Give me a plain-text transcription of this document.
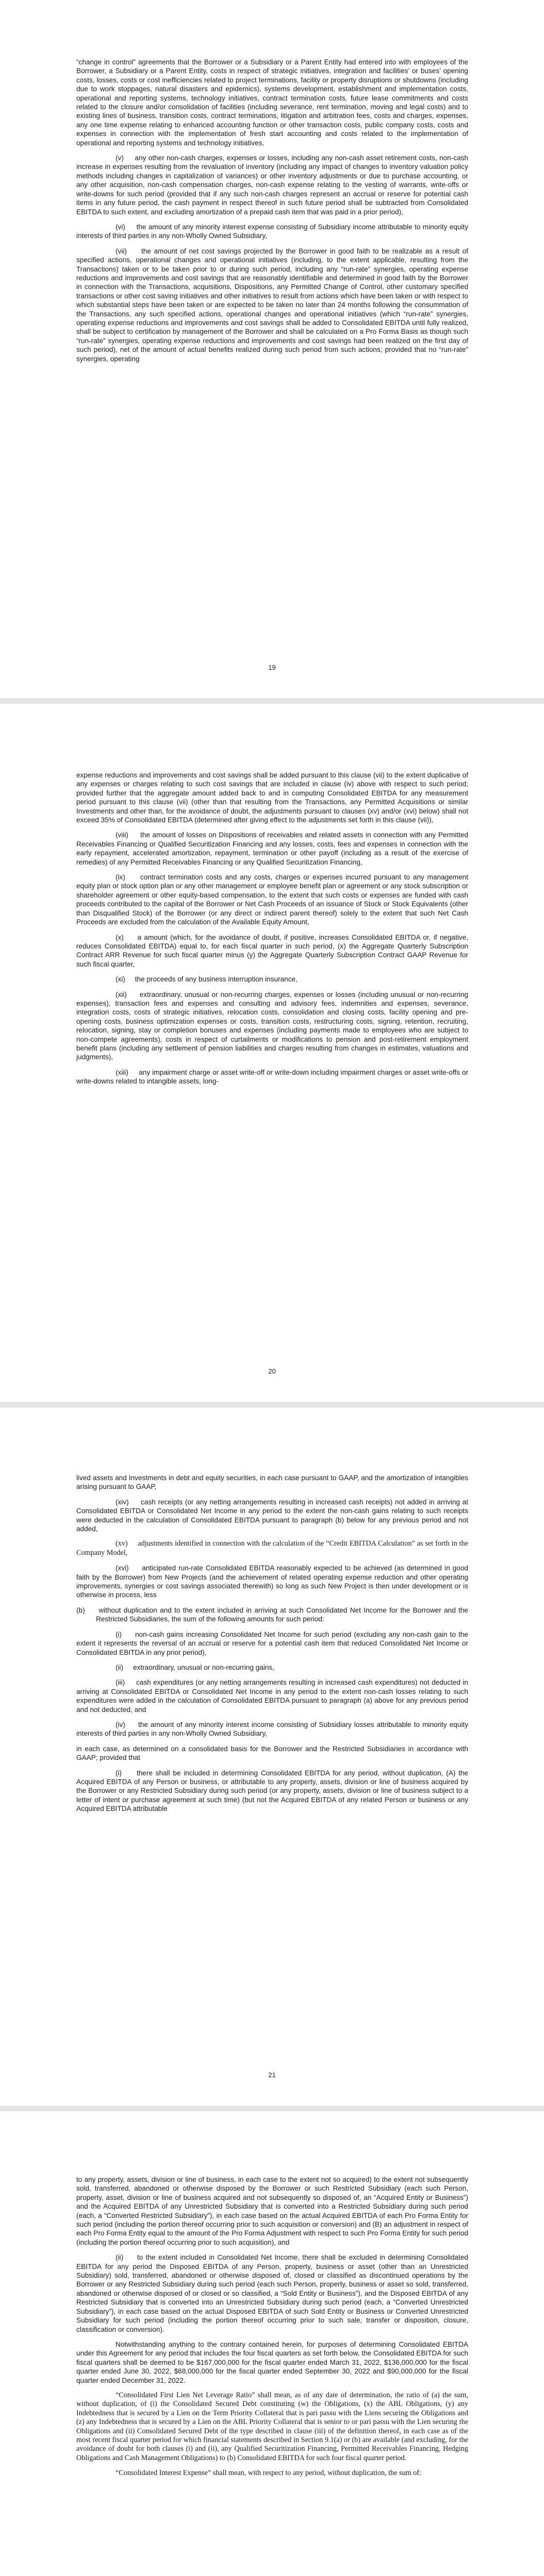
“change in control” agreements that the Borrower or a Subsidiary or a Parent Entity had entered into with employees of the Borrower, a Subsidiary or a Parent Entity, costs in respect of strategic initiatives, integration and facilities’ or buses’ opening costs, losses, costs or cost inefficiencies related to project terminations, facility or property disruptions or shutdowns (including due to work stoppages, natural disasters and epidemics), systems development, establishment and implementation costs, operational and reporting systems, technology initiatives, contract termination costs, future lease commitments and costs related to the closure and/or consolidation of facilities (including severance, rent termination, moving and legal costs) and to existing lines of business, transition costs, contract terminations, litigation and arbitration fees, costs and charges, expenses, any one time expense relating to enhanced accounting function or other transaction costs, public company costs, costs and expenses in connection with the implementation of fresh start accounting and costs related to the implementation of operational and reporting systems and technology initiatives,

(v)     any other non-cash charges, expenses or losses, including any non-cash asset retirement costs, non-cash increase in expenses resulting from the revaluation of inventory (including any impact of changes to inventory valuation policy methods including changes in capitalization of variances) or other inventory adjustments or due to purchase accounting, or any other acquisition, non-cash compensation charges, non-cash expense relating to the vesting of warrants, write-offs or write-downs for such period (provided that if any such non-cash charges represent an accrual or reserve for potential cash items in any future period, the cash payment in respect thereof in such future period shall be subtracted from Consolidated EBITDA to such extent, and excluding amortization of a prepaid cash item that was paid in a prior period),

(vi)     the amount of any minority interest expense consisting of Subsidiary income attributable to minority equity interests of third parties in any non-Wholly Owned Subsidiary,

(vii)     the amount of net cost savings projected by the Borrower in good faith to be realizable as a result of specified actions, operational changes and operational initiatives (including, to the extent applicable, resulting from the Transactions) taken or to be taken prior to or during such period, including any “run-rate” synergies, operating expense reductions and improvements and cost savings that are reasonably identifiable and determined in good faith by the Borrower in connection with the Transactions, acquisitions, Dispositions, any Permitted Change of Control, other customary specified transactions or other cost saving initiatives and other initiatives to result from actions which have been taken or with respect to which substantial steps have been taken or are expected to be taken no later than 24 months following the consummation of the Transactions, any such specified actions, operational changes and operational initiatives (which “run-rate” synergies, operating expense reductions and improvements and cost savings shall be added to Consolidated EBITDA until fully realized, shall be subject to certification by management of the Borrower and shall be calculated on a Pro Forma Basis as though such “run-rate” synergies, operating expense reductions and improvements and cost savings had been realized on the first day of such period), net of the amount of actual benefits realized during such period from such actions; provided that no “run-rate” synergies, operating

19

expense reductions and improvements and cost savings shall be added pursuant to this clause (vii) to the extent duplicative of any expenses or charges relating to such cost savings that are included in clause (iv) above with respect to such period; provided further that the aggregate amount added back to and in computing Consolidated EBITDA for any measurement period pursuant to this clause (vii) (other than that resulting from the Transactions, any Permitted Acquisitions or similar Investments and other than, for the avoidance of doubt, the adjustments pursuant to clauses (xv) and/or (xvi) below) shall not exceed 35% of Consolidated EBITDA (determined after giving effect to the adjustments set forth in this clause (vii)),

(viii)     the amount of losses on Dispositions of receivables and related assets in connection with any Permitted Receivables Financing or Qualified Securitization Financing and any losses, costs, fees and expenses in connection with the early repayment, accelerated amortization, repayment, termination or other payoff (including as a result of the exercise of remedies) of any Permitted Receivables Financing or any Qualified Securitization Financing,

(ix)     contract termination costs and any costs, charges or expenses incurred pursuant to any management equity plan or stock option plan or any other management or employee benefit plan or agreement or any stock subscription or shareholder agreement or other equity-based compensation, to the extent that such costs or expenses are funded with cash proceeds contributed to the capital of the Borrower or Net Cash Proceeds of an issuance of Stock or Stock Equivalents (other than Disqualified Stock) of the Borrower (or any direct or indirect parent thereof) solely to the extent that such Net Cash Proceeds are excluded from the calculation of the Available Equity Amount,

(x)     a amount (which, for the avoidance of doubt, if positive, increases Consolidated EBITDA or, if negative, reduces Consolidated EBITDA) equal to, for each fiscal quarter in such period, (x) the Aggregate Quarterly Subscription Contract ARR Revenue for such fiscal quarter minus (y) the Aggregate Quarterly Subscription Contract GAAP Revenue for such fiscal quarter,

(xi)     the proceeds of any business interruption insurance,

(xii)     extraordinary, unusual or non-recurring charges, expenses or losses (including unusual or non-recurring expenses), transaction fees and expenses and consulting and advisory fees, indemnities and expenses, severance, integration costs, costs of strategic initiatives, relocation costs, consolidation and closing costs, facility opening and pre-opening costs, business optimization expenses or costs, transition costs, restructuring costs, signing, retention, recruiting, relocation, signing, stay or completion bonuses and expenses (including payments made to employees who are subject to non-compete agreements), costs in respect of curtailments or modifications to pension and post-retirement employment benefit plans (including any settlement of pension liabilities and charges resulting from changes in estimates, valuations and judgments),

(xiii)     any impairment charge or asset write-off or write-down including impairment charges or asset write-offs or write-downs related to intangible assets, long-

20

lived assets and Investments in debt and equity securities, in each case pursuant to GAAP, and the amortization of intangibles arising pursuant to GAAP,

(xiv)     cash receipts (or any netting arrangements resulting in increased cash receipts) not added in arriving at Consolidated EBITDA or Consolidated Net Income in any period to the extent the non-cash gains relating to such receipts were deducted in the calculation of Consolidated EBITDA pursuant to paragraph (b) below for any previous period and not added,

(xv)     adjustments identified in connection with the calculation of the “Credit EBITDA Calculation” as set forth in the Company Model,

(xvi)     anticipated run-rate Consolidated EBITDA reasonably expected to be achieved (as determined in good faith by the Borrower) from New Projects (and the achievement of related operating expense reduction and other operating improvements, synergies or cost savings associated therewith) so long as such New Project is then under development or is otherwise in process, less

(b)     without duplication and to the extent included in arriving at such Consolidated Net Income for the Borrower and the Restricted Subsidiaries, the sum of the following amounts for such period:

(i)     non-cash gains increasing Consolidated Net Income for such period (excluding any non-cash gain to the extent it represents the reversal of an accrual or reserve for a potential cash item that reduced Consolidated Net Income or Consolidated EBITDA in any prior period),

(ii)     extraordinary, unusual or non-recurring gains,

(iii)     cash expenditures (or any netting arrangements resulting in increased cash expenditures) not deducted in arriving at Consolidated EBITDA or Consolidated Net Income in any period to the extent non-cash losses relating to such expenditures were added in the calculation of Consolidated EBITDA pursuant to paragraph (a) above for any previous period and not deducted, and

(iv)     the amount of any minority interest income consisting of Subsidiary losses attributable to minority equity interests of third parties in any non-Wholly Owned Subsidiary,

in each case, as determined on a consolidated basis for the Borrower and the Restricted Subsidiaries in accordance with GAAP; provided that

(i)     there shall be included in determining Consolidated EBITDA for any period, without duplication, (A) the Acquired EBITDA of any Person or business, or attributable to any property, assets, division or line of business acquired by the Borrower or any Restricted Subsidiary during such period (or any property, assets, division or line of business subject to a letter of intent or purchase agreement at such time) (but not the Acquired EBITDA of any related Person or business or any Acquired EBITDA attributable

21

to any property, assets, division or line of business, in each case to the extent not so acquired) to the extent not subsequently sold, transferred, abandoned or otherwise disposed by the Borrower or such Restricted Subsidiary (each such Person, property, asset, division or line of business acquired and not subsequently so disposed of, an “Acquired Entity or Business”) and the Acquired EBITDA of any Unrestricted Subsidiary that is converted into a Restricted Subsidiary during such period (each, a “Converted Restricted Subsidiary”), in each case based on the actual Acquired EBITDA of each Pro Forma Entity for such period (including the portion thereof occurring prior to such acquisition or conversion) and (B) an adjustment in respect of each Pro Forma Entity equal to the amount of the Pro Forma Adjustment with respect to such Pro Forma Entity for such period (including the portion thereof occurring prior to such acquisition), and

(ii)     to the extent included in Consolidated Net Income, there shall be excluded in determining Consolidated EBITDA for any period the Disposed EBITDA of any Person, property, business or asset (other than an Unrestricted Subsidiary) sold, transferred, abandoned or otherwise disposed of, closed or classified as discontinued operations by the Borrower or any Restricted Subsidiary during such period (each such Person, property, business or asset so sold, transferred, abandoned or otherwise disposed of or closed or so classified, a “Sold Entity or Business”), and the Disposed EBITDA of any Restricted Subsidiary that is converted into an Unrestricted Subsidiary during such period (each, a “Converted Unrestricted Subsidiary”), in each case based on the actual Disposed EBITDA of such Sold Entity or Business or Converted Unrestricted Subsidiary for such period (including the portion thereof occurring prior to such sale, transfer or disposition, closure, classification or conversion).

Notwithstanding anything to the contrary contained herein, for purposes of determining Consolidated EBITDA under this Agreement for any period that includes the four fiscal quarters as set forth below, the Consolidated EBITDA for such fiscal quarters shall be deemed to be $167,000,000 for the fiscal quarter ended March 31, 2022, $136,000,000 for the fiscal quarter ended June 30, 2022, $68,000,000 for the fiscal quarter ended September 30, 2022 and $90,000,000 for the fiscal quarter ended December 31, 2022.

“Consolidated First Lien Net Leverage Ratio” shall mean, as of any date of determination, the ratio of (a) the sum, without duplication, of (i) the Consolidated Secured Debt constituting (w) the Obligations, (x) the ABL Obligations, (y) any Indebtedness that is secured by a Lien on the Term Priority Collateral that is pari passu with the Liens securing the Obligations and (z) any Indebtedness that is secured by a Lien on the ABL Priority Collateral that is senior to or pari passu with the Lien securing the Obligations and (ii) Consolidated Secured Debt of the type described in clause (iii) of the definition thereof, in each case as of the most recent fiscal quarter period for which financial statements described in Section 9.1(a) or (b) are available (and excluding, for the avoidance of doubt for both clauses (i) and (ii), any Qualified Securitization Financing, Permitted Receivables Financing, Hedging Obligations and Cash Management Obligations) to (b) Consolidated EBITDA for such four fiscal quarter period.

“Consolidated Interest Expense” shall mean, with respect to any period, without duplication, the sum of:
